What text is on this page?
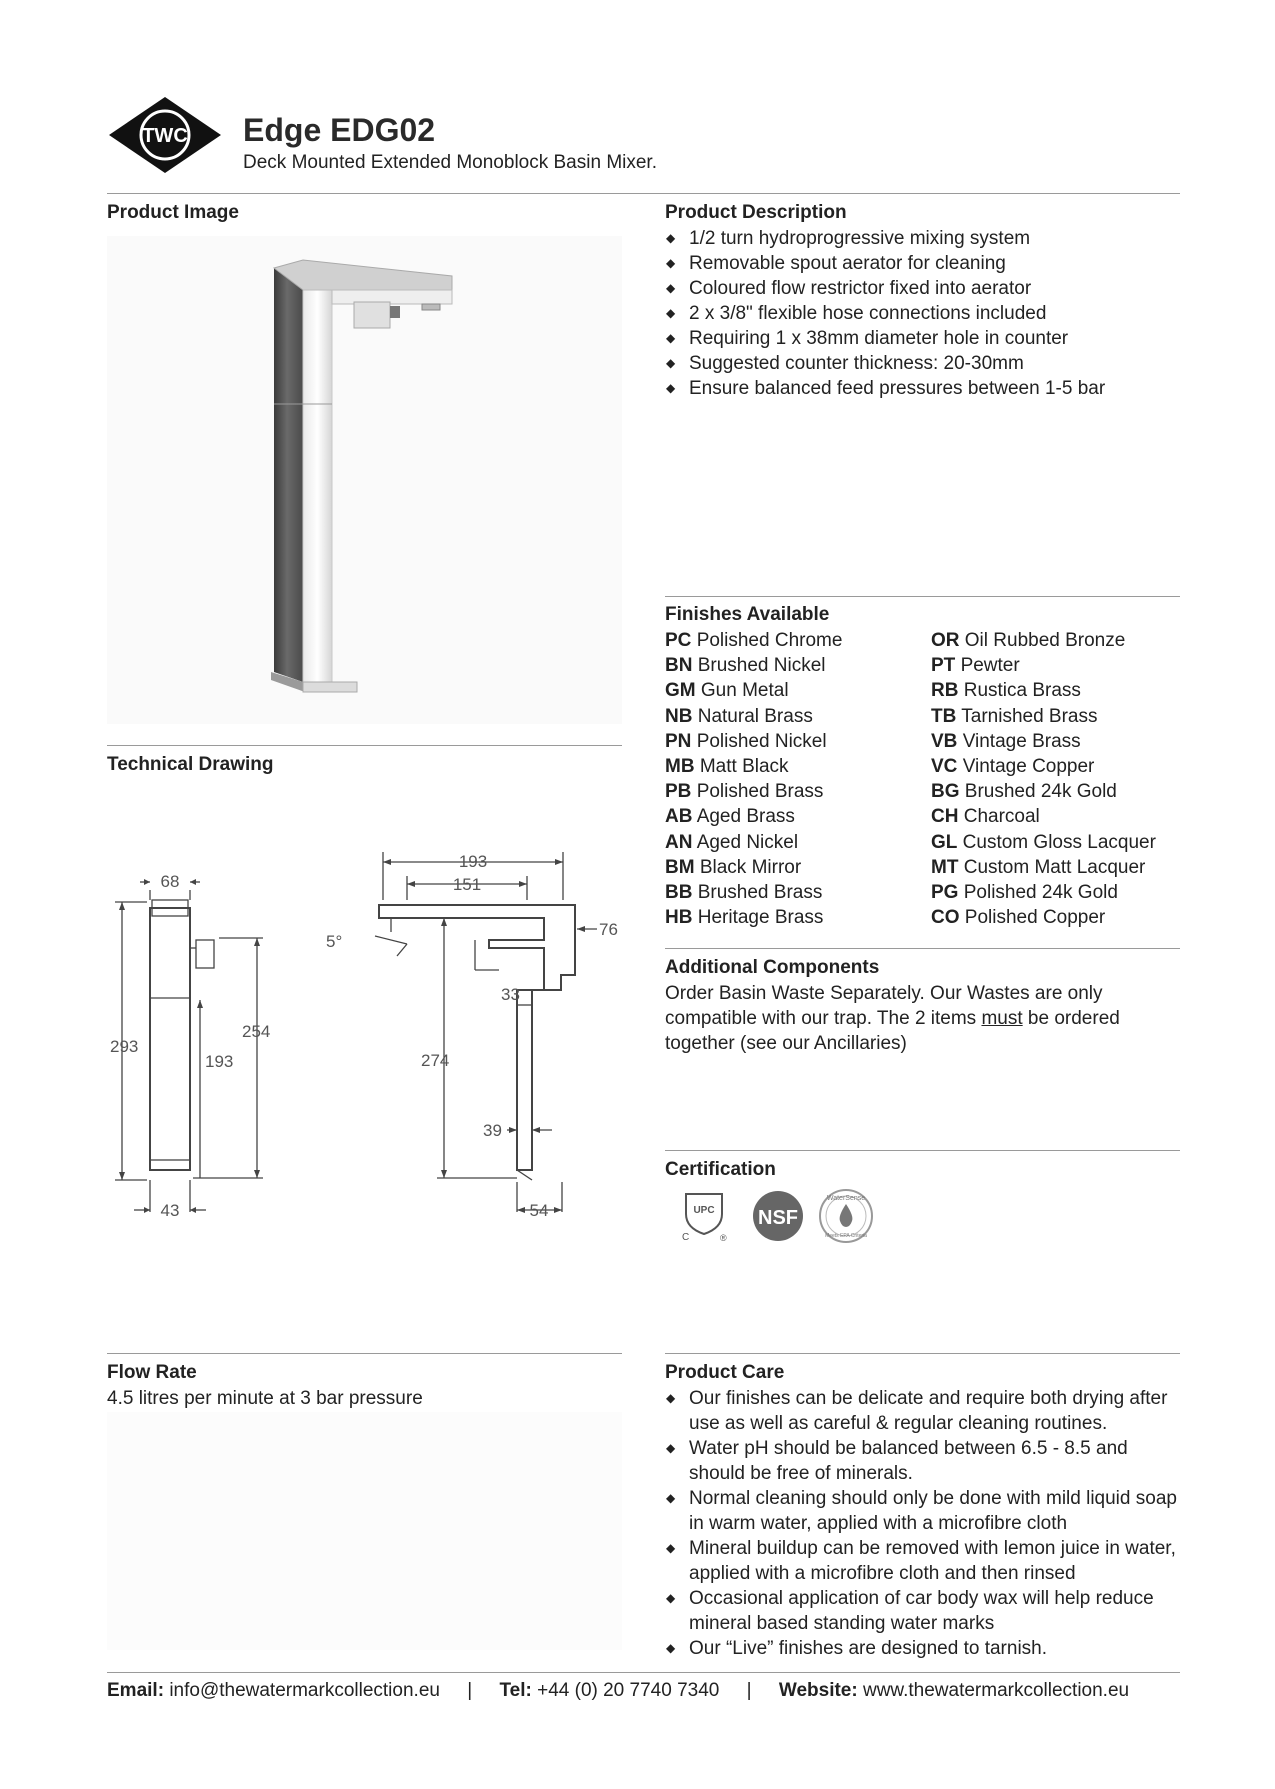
TWC Edge EDG02
Deck Mounted Extended Monoblock Basin Mixer.
Product Image
Technical Drawing
68
293
193
254
43
193
151
5°
76
33
274
39
54
Product Description
◆ 1/2 turn hydroprogressive mixing system
◆ Removable spout aerator for cleaning
◆ Coloured flow restrictor fixed into aerator
◆ 2 x 3/8" flexible hose connections included
◆ Requiring 1 x 38mm diameter hole in counter
◆ Suggested counter thickness: 20-30mm
◆ Ensure balanced feed pressures between 1-5 bar
Finishes Available
PC Polished Chrome	OR Oil Rubbed Bronze
BN Brushed Nickel	PT Pewter
GM Gun Metal	RB Rustica Brass
NB Natural Brass	TB Tarnished Brass
PN Polished Nickel	VB Vintage Brass
MB Matt Black	VC Vintage Copper
PB Polished Brass	BG Brushed 24k Gold
AB Aged Brass	CH Charcoal
AN Aged Nickel	GL Custom Gloss Lacquer
BM Black Mirror	MT Custom Matt Lacquer
BB Brushed Brass	PG Polished 24k Gold
HB Heritage Brass	CO Polished Copper
Additional Components
Order Basin Waste Separately. Our Wastes are only compatible with our trap. The 2 items must be ordered together (see our Ancillaries)
Certification
UPC
C	®
NSF
WaterSense
Meets EPA Criteria
Flow Rate
4.5 litres per minute at 3 bar pressure
Product Care
◆ Our finishes can be delicate and require both drying after use as well as careful & regular cleaning routines.
◆ Water pH should be balanced between 6.5 - 8.5 and should be free of minerals.
◆ Normal cleaning should only be done with mild liquid soap in warm water, applied with a microfibre cloth
◆ Mineral buildup can be removed with lemon juice in water, applied with a microfibre cloth and then rinsed
◆ Occasional application of car body wax will help reduce mineral based standing water marks
◆ Our “Live” finishes are designed to tarnish.
Email: info@thewatermarkcollection.eu | Tel: +44 (0) 20 7740 7340 | Website: www.thewatermarkcollection.eu
